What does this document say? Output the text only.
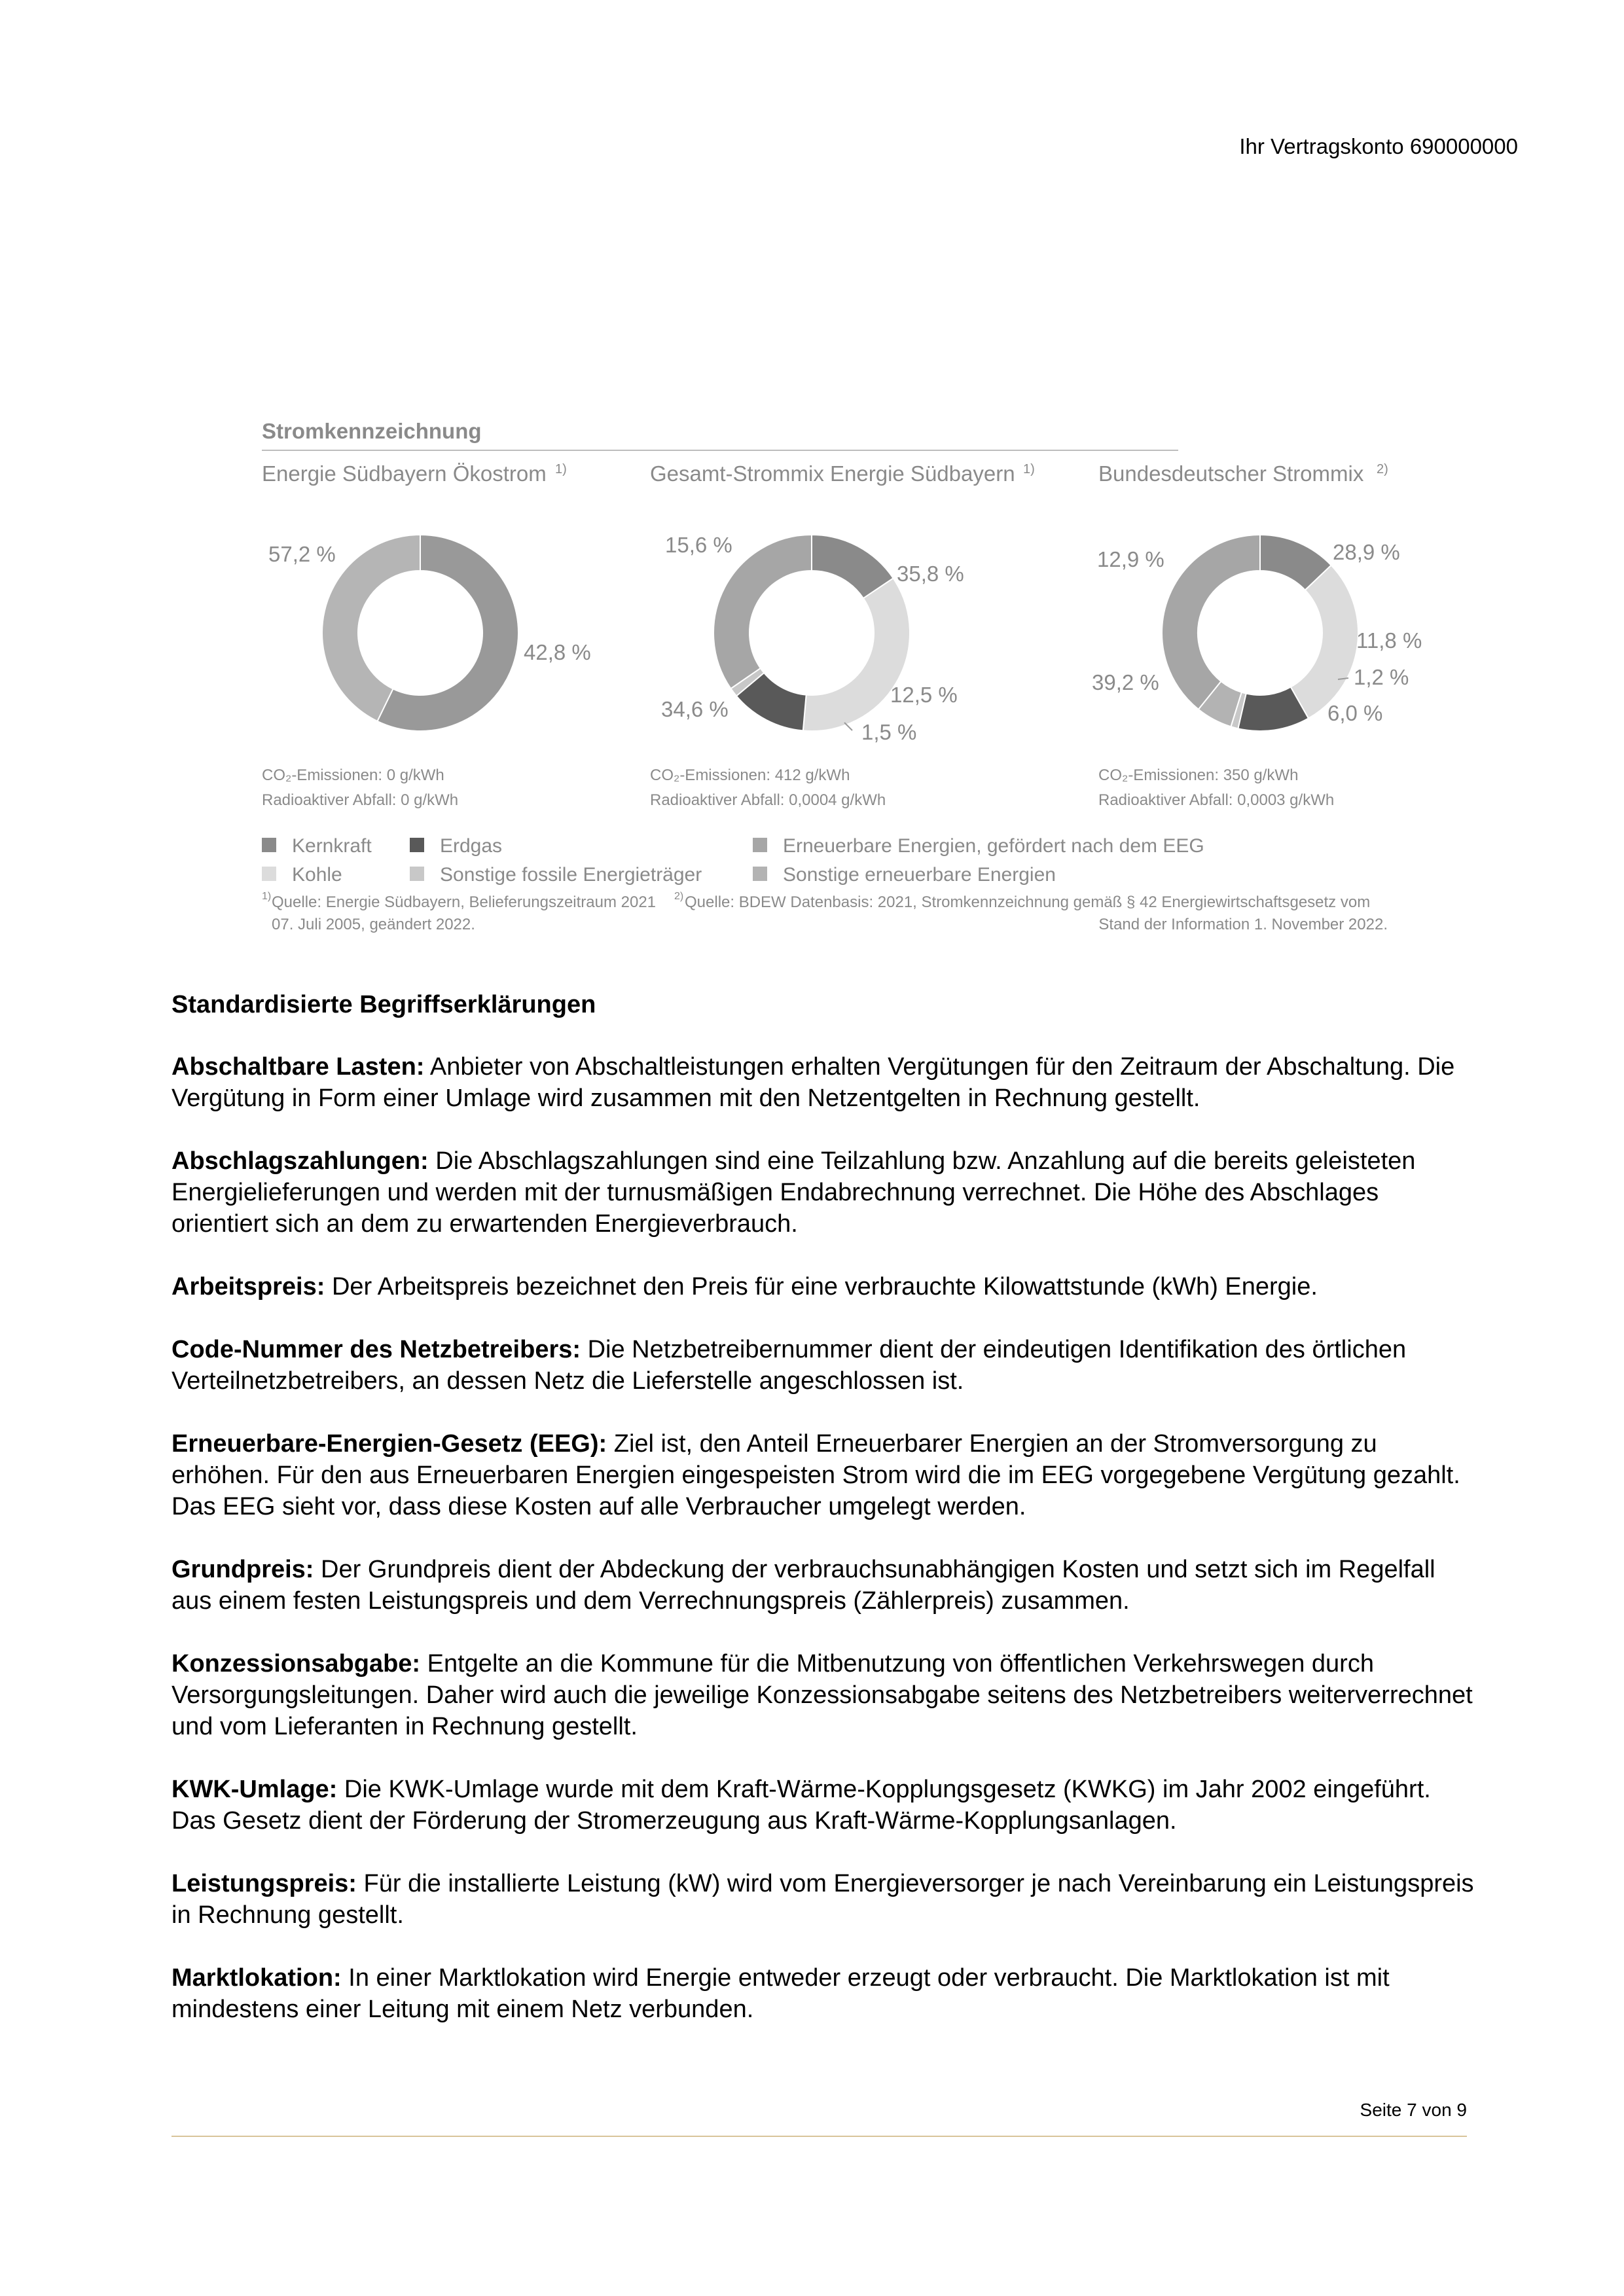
Ihr Vertragskonto 690000000
Stromkennzeichnung
Energie Südbayern Ökostrom 1)	Gesamt-Strommix Energie Südbayern 1)	Bundesdeutscher Strommix 2)
57,2 %
42,8 %
15,6 %
35,8 %
12,5 %
1,5 %
34,6 %
12,9 %	28,9 %
11,8 %
1,2 %
6,0 %
39,2 %
CO₂-Emissionen: 0 g/kWh
Radioaktiver Abfall: 0 g/kWh
CO₂-Emissionen: 412 g/kWh
Radioaktiver Abfall: 0,0004 g/kWh
CO₂-Emissionen: 350 g/kWh
Radioaktiver Abfall: 0,0003 g/kWh
Kernkraft	Erdgas	Erneuerbare Energien, gefördert nach dem EEG
Kohle	Sonstige fossile Energieträger	Sonstige erneuerbare Energien
1) Quelle: Energie Südbayern, Belieferungszeitraum 2021 2) Quelle: BDEW Datenbasis: 2021, Stromkennzeichnung gemäß § 42 Energiewirtschaftsgesetz vom
07. Juli 2005, geändert 2022.	Stand der Information 1. November 2022.
Standardisierte Begriffserklärungen

Abschaltbare Lasten: Anbieter von Abschaltleistungen erhalten Vergütungen für den Zeitraum der Abschaltung. Die Vergütung in Form einer Umlage wird zusammen mit den Netzentgelten in Rechnung gestellt.

Abschlagszahlungen: Die Abschlagszahlungen sind eine Teilzahlung bzw. Anzahlung auf die bereits geleisteten Energielieferungen und werden mit der turnusmäßigen Endabrechnung verrechnet. Die Höhe des Abschlages orientiert sich an dem zu erwartenden Energieverbrauch.

Arbeitspreis: Der Arbeitspreis bezeichnet den Preis für eine verbrauchte Kilowattstunde (kWh) Energie.

Code-Nummer des Netzbetreibers: Die Netzbetreibernummer dient der eindeutigen Identifikation des örtlichen Verteilnetzbetreibers, an dessen Netz die Lieferstelle angeschlossen ist.

Erneuerbare-Energien-Gesetz (EEG): Ziel ist, den Anteil Erneuerbarer Energien an der Stromversorgung zu erhöhen. Für den aus Erneuerbaren Energien eingespeisten Strom wird die im EEG vorgegebene Vergütung gezahlt. Das EEG sieht vor, dass diese Kosten auf alle Verbraucher umgelegt werden.

Grundpreis: Der Grundpreis dient der Abdeckung der verbrauchsunabhängigen Kosten und setzt sich im Regelfall aus einem festen Leistungspreis und dem Verrechnungspreis (Zählerpreis) zusammen.

Konzessionsabgabe: Entgelte an die Kommune für die Mitbenutzung von öffentlichen Verkehrswegen durch Versorgungsleitungen. Daher wird auch die jeweilige Konzessionsabgabe seitens des Netzbetreibers weiterverrechnet und vom Lieferanten in Rechnung gestellt.

KWK-Umlage: Die KWK-Umlage wurde mit dem Kraft-Wärme-Kopplungsgesetz (KWKG) im Jahr 2002 eingeführt. Das Gesetz dient der Förderung der Stromerzeugung aus Kraft-Wärme-Kopplungsanlagen.

Leistungspreis: Für die installierte Leistung (kW) wird vom Energieversorger je nach Vereinbarung ein Leistungspreis in Rechnung gestellt.

Marktlokation: In einer Marktlokation wird Energie entweder erzeugt oder verbraucht. Die Marktlokation ist mit mindestens einer Leitung mit einem Netz verbunden.

Seite 7 von 9
